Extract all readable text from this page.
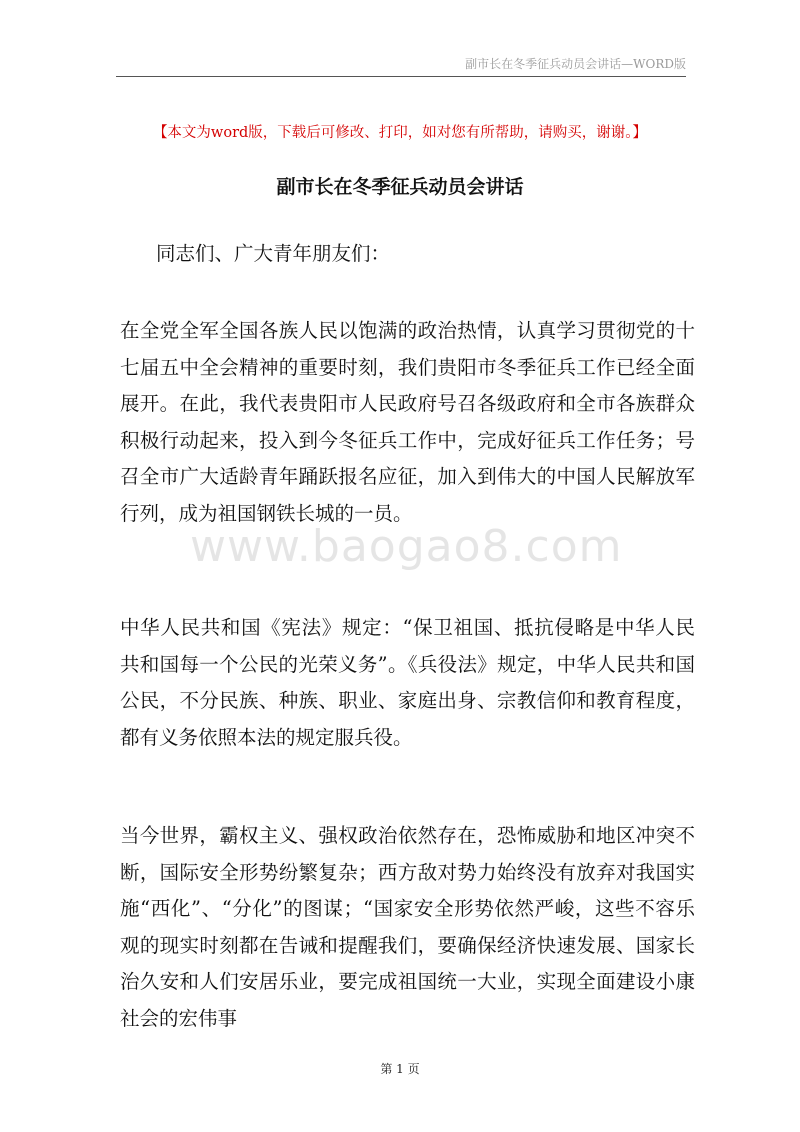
副市长在冬季征兵动员会讲话—WORD版
【本文为word版，下载后可修改、打印，如对您有所帮助，请购买，谢谢。】
副市长在冬季征兵动员会讲话

同志们、广大青年朋友们：

在全党全军全国各族人民以饱满的政治热情，认真学习贯彻党的十七届五中全会精神的重要时刻，我们贵阳市冬季征兵工作已经全面展开。在此，我代表贵阳市人民政府号召各级政府和全市各族群众积极行动起来，投入到今冬征兵工作中，完成好征兵工作任务；号召全市广大适龄青年踊跃报名应征，加入到伟大的中国人民解放军行列，成为祖国钢铁长城的一员。

www.baogao8.com

中华人民共和国《宪法》规定：“保卫祖国、抵抗侵略是中华人民共和国每一个公民的光荣义务”。《兵役法》规定，中华人民共和国公民，不分民族、种族、职业、家庭出身、宗教信仰和教育程度，都有义务依照本法的规定服兵役。

当今世界，霸权主义、强权政治依然存在，恐怖威胁和地区冲突不断，国际安全形势纷繁复杂；西方敌对势力始终没有放弃对我国实施“西化”、“分化”的图谋；“国家安全形势依然严峻，这些不容乐观的现实时刻都在告诫和提醒我们，要确保经济快速发展、国家长治久安和人们安居乐业，要完成祖国统一大业，实现全面建设小康社会的宏伟事

第 1 页
